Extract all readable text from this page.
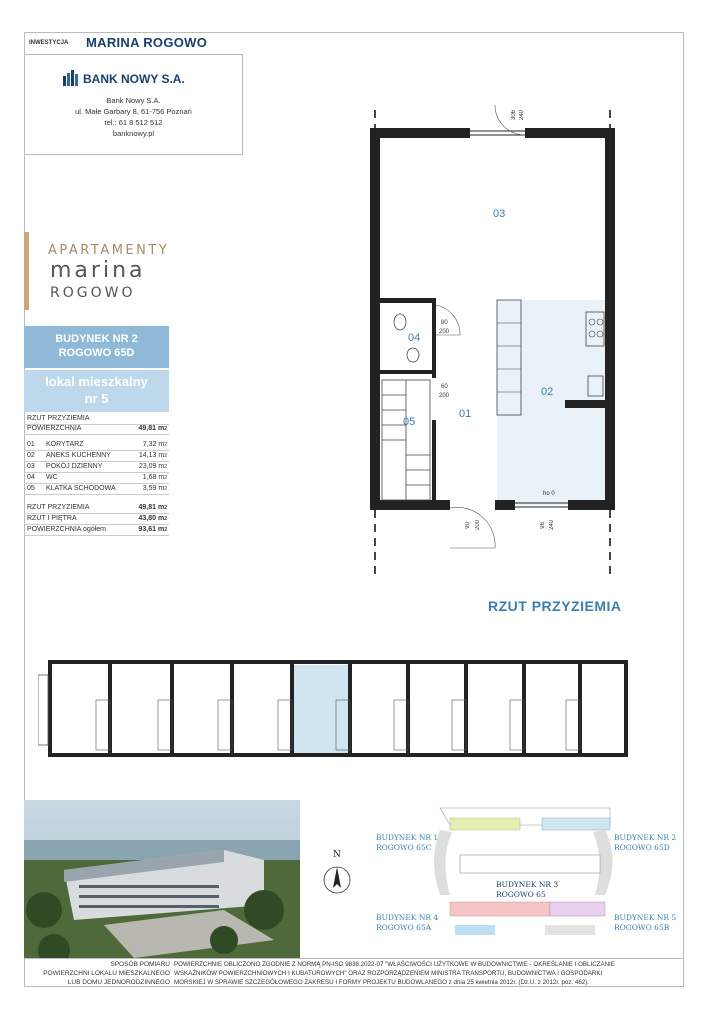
INWESTYCJA MARINA ROGOWO
BANK NOWY S.A.
Bank Nowy S.A.
ul. Małe Garbary 8, 61-756 Poznań
tel.: 61 8 512 512
banknowy.pl
APARTAMENTY
marina
ROGOWO
BUDYNEK NR 2
ROGOWO 65D
lokal mieszkalny
nr 5
RZUT PRZYZIEMIA
POWIERZCHNIA	49,81 $m^2$
01 KORYTARZ	7,32 $m^2$
02 ANEKS KUCHENNY	14,13 $m^2$
03 POKÓJ DZIENNY	23,09 $m^2$
04 WC	1,68 $m^2$
05 KLATKA SCHODOWA	3,59 $m^2$
RZUT PRZYZIEMIA	49,81 $m^2$
RZUT I PIĘTRA	43,80 $m^2$
POWIERZCHNIA ogółem	93,61 $m^2$
03
04
02
01
05
306 240
80
200
60
200
90 200	96 240
ho 0
RZUT PRZYZIEMIA
BUDYNEK NR 1
ROGOWO 65C
BUDYNEK NR 2
ROGOWO 65D
BUDYNEK NR 3
ROGOWO 65
BUDYNEK NR 4
ROGOWO 65A
BUDYNEK NR 5
ROGOWO 65B
N
SPOSÓB POMIARU
POWIERZCHNI LOKALU MIESZKALNEGO
LUB DOMU JEDNORODZINNEGO
POWIERZCHNIE OBLICZONO ZGODNIE Z NORMĄ PN-ISO 9836:2022-07 "WŁAŚCIWOŚCI UŻYTKOWE W BUDOWNICTWIE - OKREŚLANIE I OBLICZANIE
WSKAŹNIKÓW POWIERZCHNIOWYCH I KUBATUROWYCH" ORAZ ROZPORZĄDZENIEM MINISTRA TRANSPORTU, BUDOWNICTWA I GOSPODARKI
MORSKIEJ W SPRAWIE SZCZEGÓŁOWEGO ZAKRESU I FORMY PROJEKTU BUDOWLANEGO z dnia 25 kwietnia 2012r. (Dz.U. z 2012r. poz. 462).
